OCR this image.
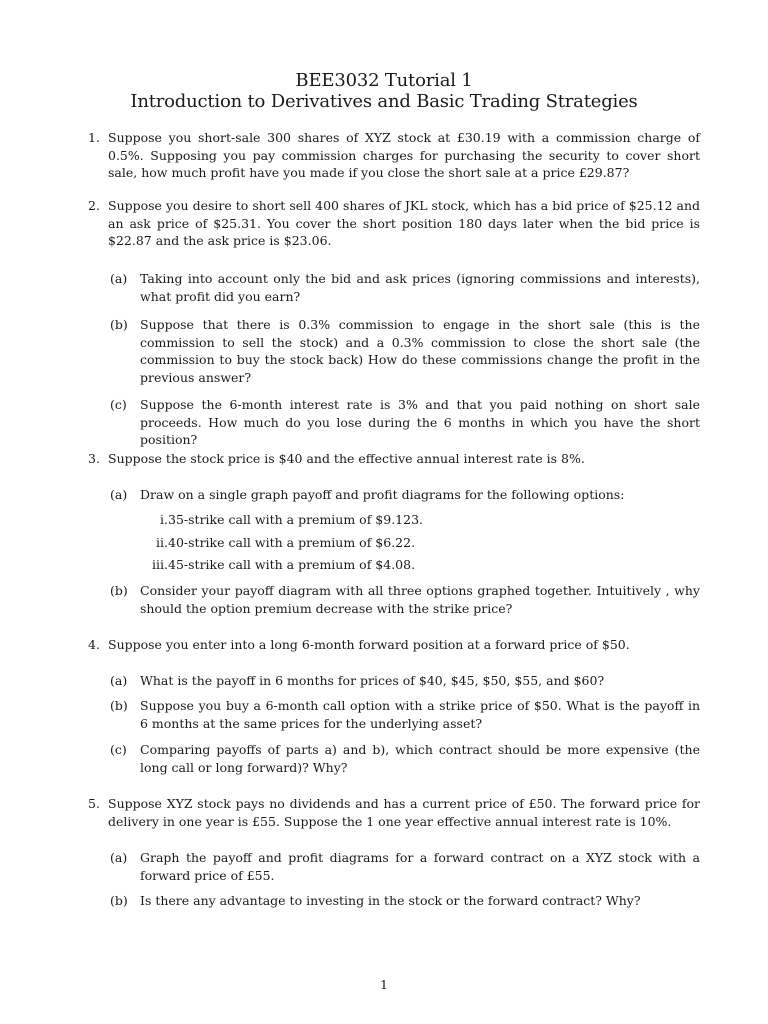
BEE3032 Tutorial 1
Introduction to Derivatives and Basic Trading Strategies
1. Suppose you short-sale 300 shares of XYZ stock at £30.19 with a commission charge of 0.5%. Supposing you pay commission charges for purchasing the security to cover short sale, how much profit have you made if you close the short sale at a price £29.87?
2. Suppose you desire to short sell 400 shares of JKL stock, which has a bid price of $25.12 and an ask price of $25.31. You cover the short position 180 days later when the bid price is $22.87 and the ask price is $23.06.
(a)	Taking into account only the bid and ask prices (ignoring commissions and interests), what profit did you earn?
(b) Suppose that there is 0.3% commission to engage in the short sale (this is the commission to sell the stock) and a 0.3% commission to close the short sale (the commission to buy the stock back) How do these commissions change the profit in the previous answer?
(c)	Suppose the 6-month interest rate is 3% and that you paid nothing on short sale proceeds. How much do you lose during the 6 months in which you have the short position?
3. Suppose the stock price is $40 and the effective annual interest rate is 8%.
(a)	Draw on a single graph payoff and profit diagrams for the following options:
i. 35-strike call with a premium of $9.123.
ii. 40-strike call with a premium of $6.22.
iii. 45-strike call with a premium of $4.08.
(b) Consider your payoff diagram with all three options graphed together. Intuitively , why should the option premium decrease with the strike price?
4. Suppose you enter into a long 6-month forward position at a forward price of $50.
(a)	What is the payoff in 6 months for prices of $40, $45, $50, $55, and $60?
(b) Suppose you buy a 6-month call option with a strike price of $50. What is the payoff in 6 months at the same prices for the underlying asset?
(c)	Comparing payoffs of parts a) and b), which contract should be more expensive (the long call or long forward)? Why?
5. Suppose XYZ stock pays no dividends and has a current price of £50. The forward price for delivery in one year is £55. Suppose the 1 one year effective annual interest rate is 10%.
(a)	Graph the payoff and profit diagrams for a forward contract on a XYZ stock with a forward price of £55.
(b) Is there any advantage to investing in the stock or the forward contract? Why?
1
